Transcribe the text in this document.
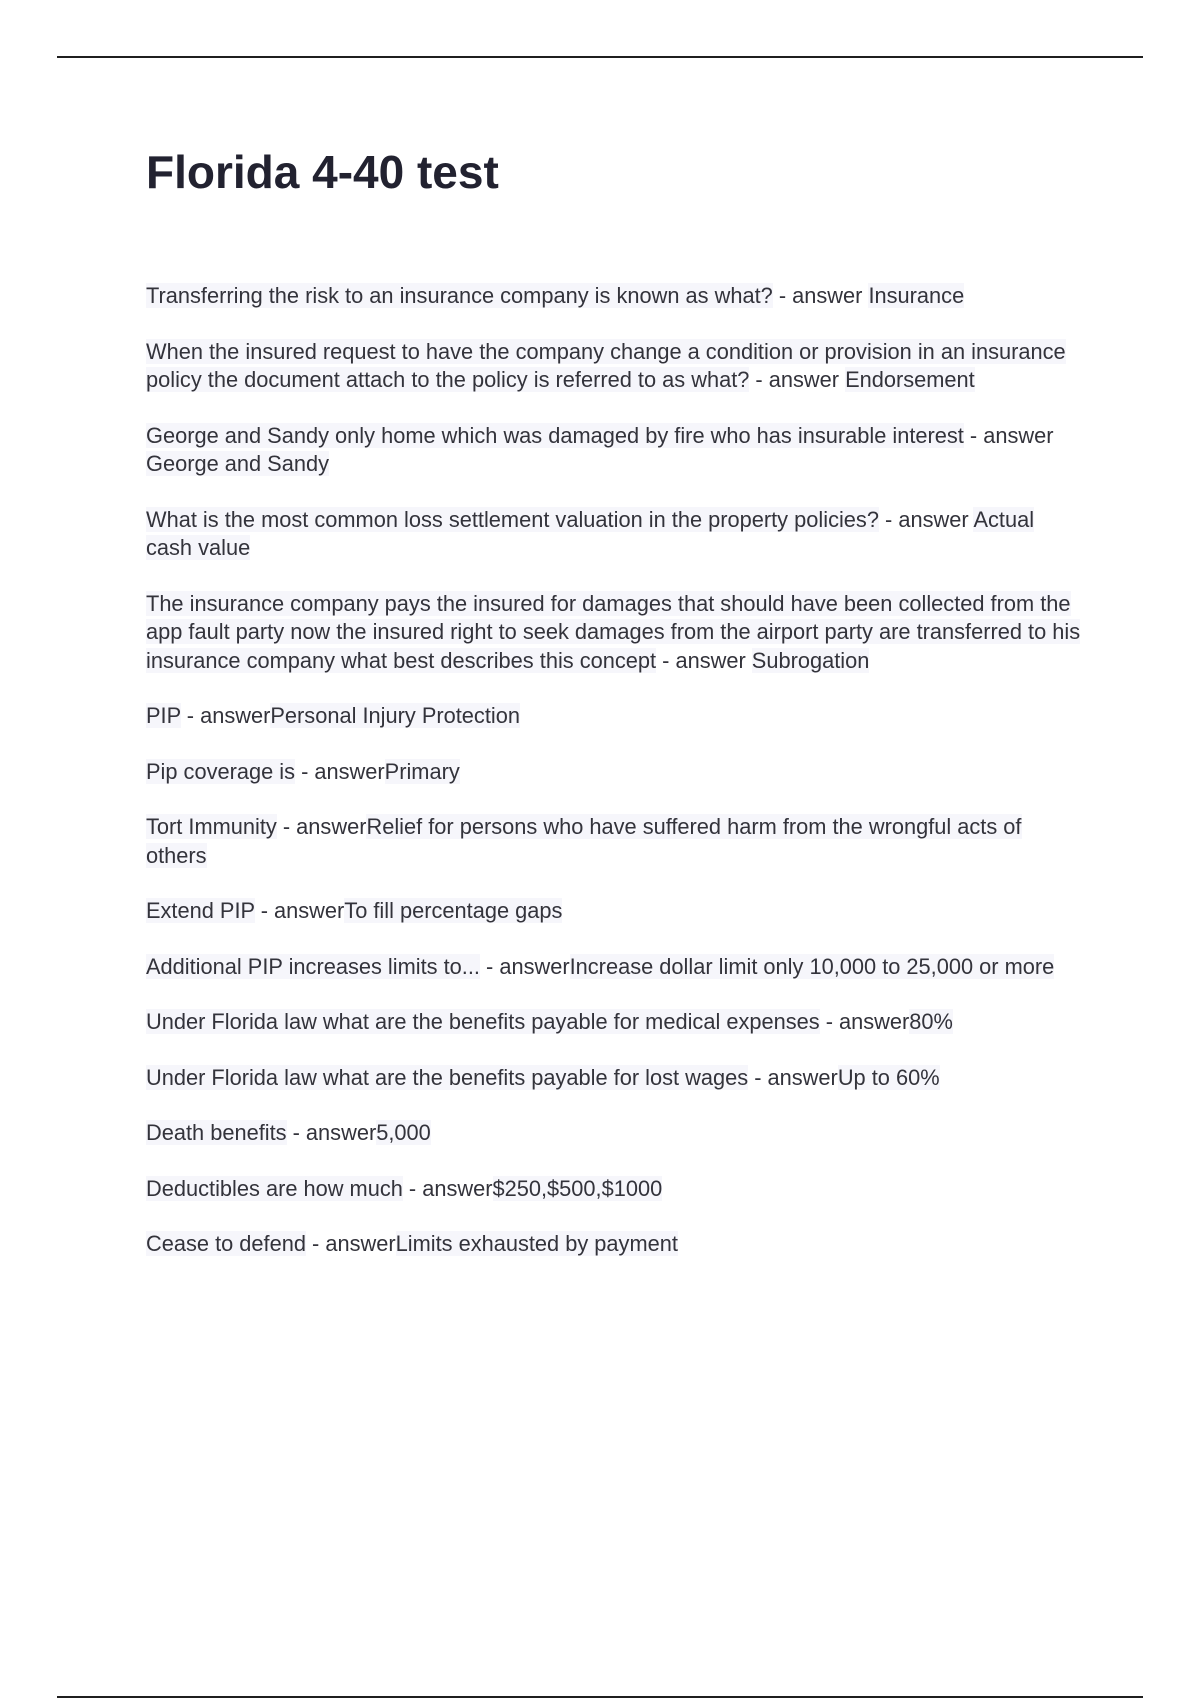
Florida 4-40 test

Transferring the risk to an insurance company is known as what? - answer Insurance

When the insured request to have the company change a condition or provision in an insurance policy the document attach to the policy is referred to as what? - answer Endorsement

George and Sandy only home which was damaged by fire who has insurable interest - answer George and Sandy

What is the most common loss settlement valuation in the property policies? - answer Actual cash value

The insurance company pays the insured for damages that should have been collected from the app fault party now the insured right to seek damages from the airport party are transferred to his insurance company what best describes this concept - answer Subrogation

PIP - answerPersonal Injury Protection

Pip coverage is - answerPrimary

Tort Immunity - answerRelief for persons who have suffered harm from the wrongful acts of others

Extend PIP - answerTo fill percentage gaps

Additional PIP increases limits to... - answerIncrease dollar limit only 10,000 to 25,000 or more

Under Florida law what are the benefits payable for medical expenses - answer80%

Under Florida law what are the benefits payable for lost wages - answerUp to 60%

Death benefits - answer5,000

Deductibles are how much - answer$250,$500,$1000

Cease to defend - answerLimits exhausted by payment
